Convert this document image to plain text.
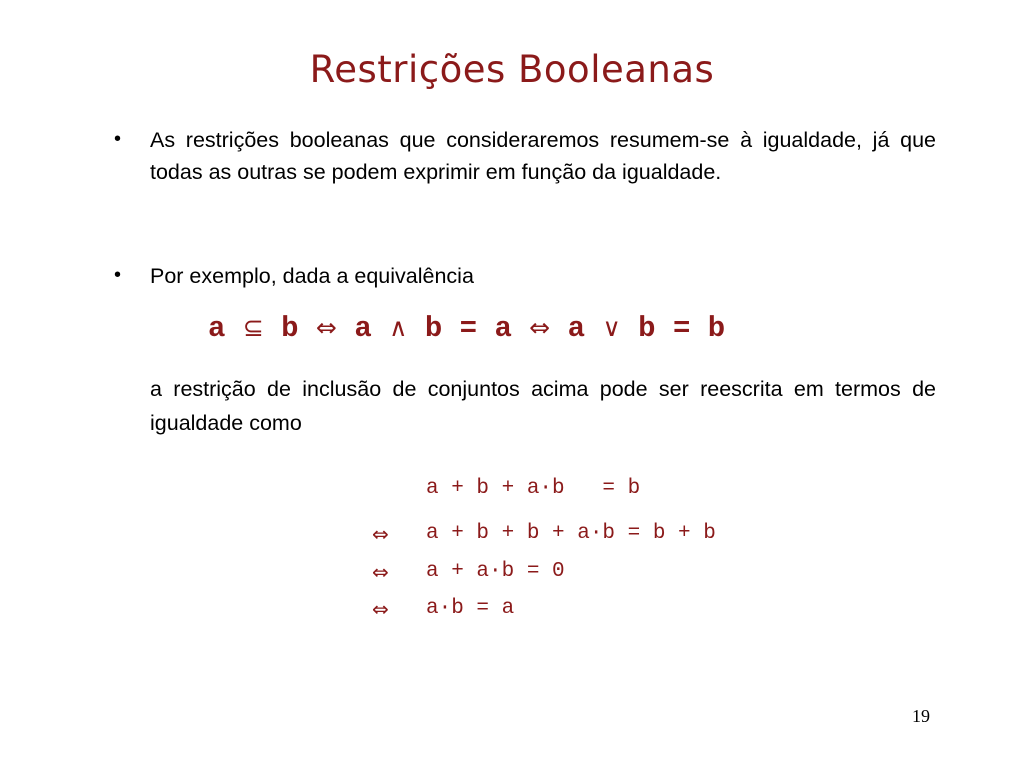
Restrições Booleanas
• As restrições booleanas que consideraremos resumem-se à igualdade, já que todas as outras se podem exprimir em função da igualdade.
• Por exemplo, dada a equivalência
a ⊆ b ⇔ a ∧ b = a ⇔ a ∨ b = b
a restrição de inclusão de conjuntos acima pode ser reescrita em termos de igualdade como
a + b + a·b   = b
⇔ a + b + b + a·b = b + b
⇔ a + a·b = 0
⇔ a·b = a
19
